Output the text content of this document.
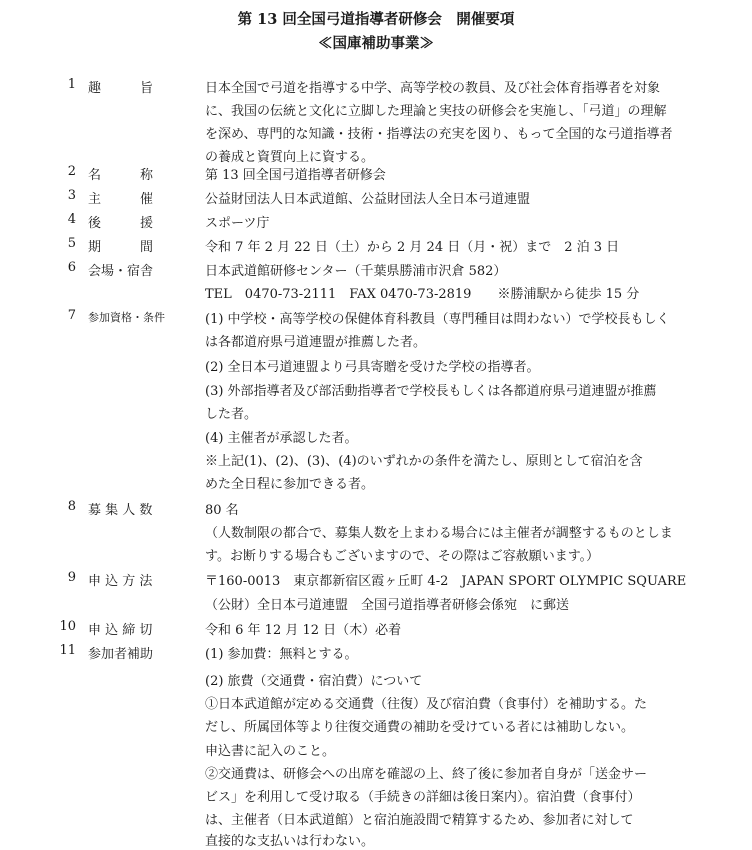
第 13 回全国弓道指導者研修会　開催要項
≪国庫補助事業≫
1 趣　　　旨	日本全国で弓道を指導する中学、高等学校の教員、及び社会体育指導者を対象
に、我国の伝統と文化に立脚した理論と実技の研修会を実施し、「弓道」の理解
を深め、専門的な知識・技術・指導法の充実を図り、もって全国的な弓道指導者
の養成と資質向上に資する。
2 名　　　称	第 13 回全国弓道指導者研修会
3 主　　　催	公益財団法人日本武道館、公益財団法人全日本弓道連盟
4 後　　　援	スポーツ庁
5 期　　　間	令和 7 年 2 月 22 日（土）から 2 月 24 日（月・祝）まで　2 泊 3 日
6 会場・宿舎	日本武道館研修センター（千葉県勝浦市沢倉 582）
TEL　0470-73-2111　FAX 0470-73-2819　　※勝浦駅から徒歩 15 分
7 参加資格・条件	(1) 中学校・高等学校の保健体育科教員（専門種目は問わない）で学校長もしく
は各都道府県弓道連盟が推薦した者。
(2) 全日本弓道連盟より弓具寄贈を受けた学校の指導者。
(3) 外部指導者及び部活動指導者で学校長もしくは各都道府県弓道連盟が推薦
した者。
(4) 主催者が承認した者。
※上記(1)、(2)、(3)、(4)のいずれかの条件を満たし、原則として宿泊を含
めた全日程に参加できる者。
8 募 集 人 数	80 名
（人数制限の都合で、募集人数を上まわる場合には主催者が調整するものとしま
す。お断りする場合もございますので、その際はご容赦願います。）
9 申 込 方 法	〒160-0013　東京都新宿区霞ヶ丘町 4-2　JAPAN SPORT OLYMPIC SQUARE
（公財）全日本弓道連盟　全国弓道指導者研修会係宛　に郵送
10 申 込 締 切	令和 6 年 12 月 12 日（木）必着
11 参加者補助	(1) 参加費：無料とする。
(2) 旅費（交通費・宿泊費）について
①日本武道館が定める交通費（往復）及び宿泊費（食事付）を補助する。た
だし、所属団体等より往復交通費の補助を受けている者には補助しない。
申込書に記入のこと。
②交通費は、研修会への出席を確認の上、終了後に参加者自身が「送金サー
ビス」を利用して受け取る（手続きの詳細は後日案内）。宿泊費（食事付）
は、主催者（日本武道館）と宿泊施設間で精算するため、参加者に対して
直接的な支払いは行わない。
